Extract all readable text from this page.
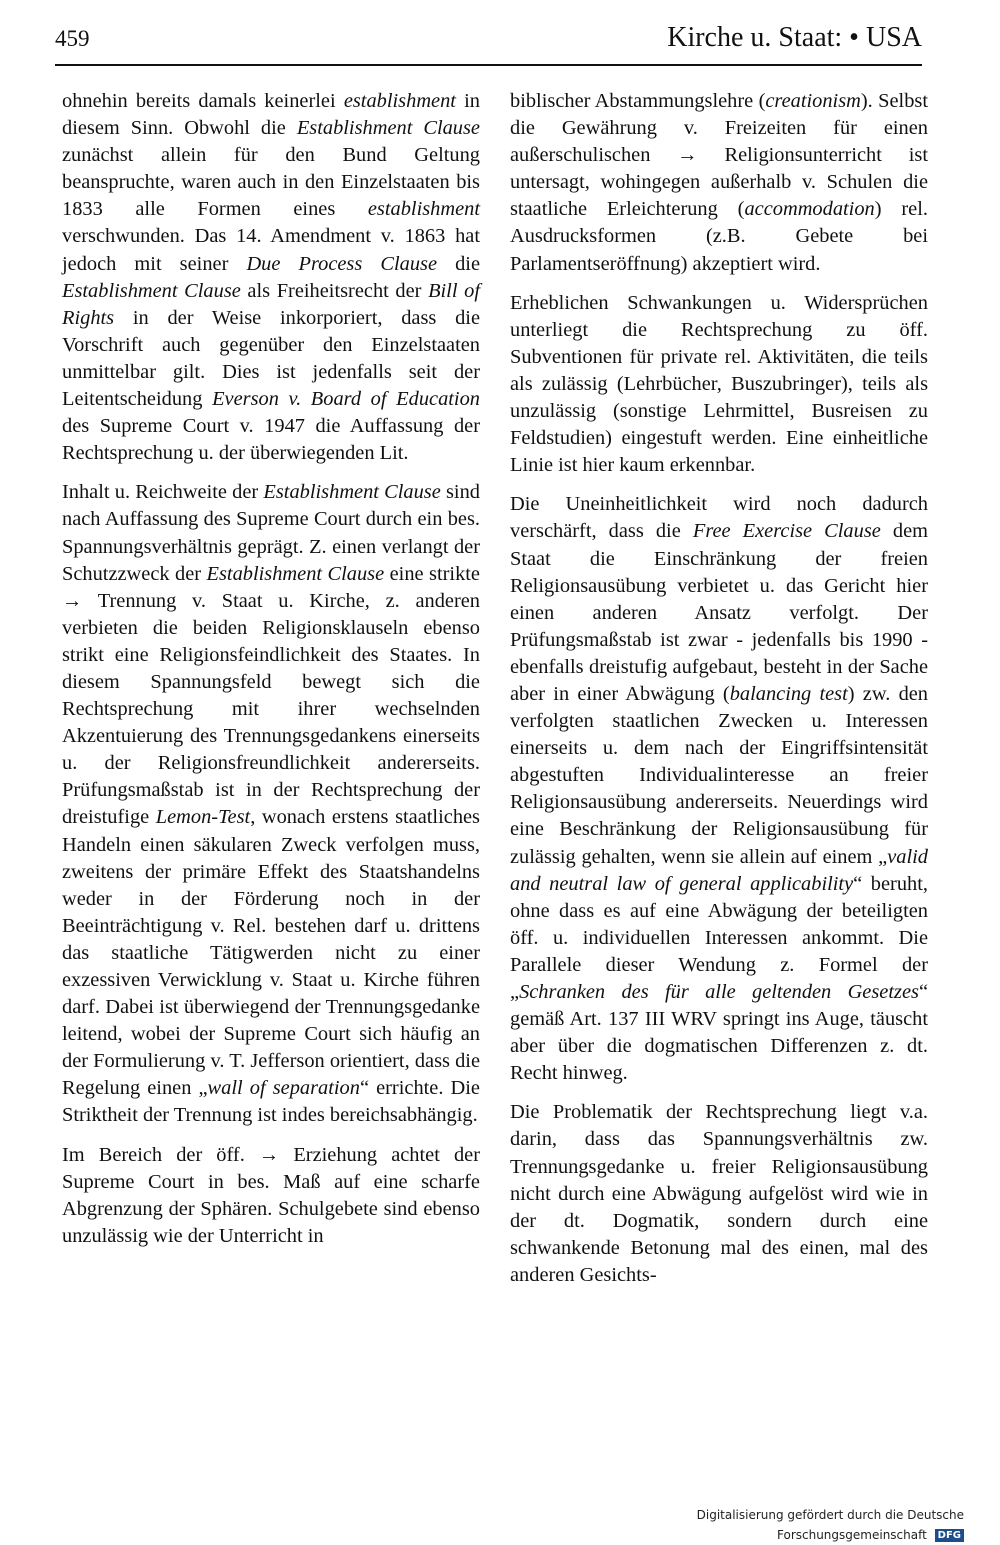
459	Kirche u. Staat: • USA

ohnehin bereits damals keinerlei establishment in diesem Sinn. Obwohl die Establishment Clause zunächst allein für den Bund Geltung beanspruchte, waren auch in den Einzelstaaten bis 1833 alle Formen eines establishment verschwunden. Das 14. Amendment v. 1863 hat jedoch mit seiner Due Process Clause die Establishment Clause als Freiheitsrecht der Bill of Rights in der Weise inkorporiert, dass die Vorschrift auch gegenüber den Einzelstaaten unmittelbar gilt. Dies ist jedenfalls seit der Leitentscheidung Everson v. Board of Education des Supreme Court v. 1947 die Auffassung der Rechtsprechung u. der überwiegenden Lit.

Inhalt u. Reichweite der Establishment Clause sind nach Auffassung des Supreme Court durch ein bes. Spannungsverhältnis geprägt. Z. einen verlangt der Schutzzweck der Establishment Clause eine strikte → Trennung v. Staat u. Kirche, z. anderen verbieten die beiden Religionsklauseln ebenso strikt eine Religionsfeindlichkeit des Staates. In diesem Spannungsfeld bewegt sich die Rechtsprechung mit ihrer wechselnden Akzentuierung des Trennungsgedankens einerseits u. der Religionsfreundlichkeit andererseits. Prüfungsmaßstab ist in der Rechtsprechung der dreistufige Lemon-Test, wonach erstens staatliches Handeln einen säkularen Zweck verfolgen muss, zweitens der primäre Effekt des Staatshandelns weder in der Förderung noch in der Beeinträchtigung v. Rel. bestehen darf u. drittens das staatliche Tätigwerden nicht zu einer exzessiven Verwicklung v. Staat u. Kirche führen darf. Dabei ist überwiegend der Trennungsgedanke leitend, wobei der Supreme Court sich häufig an der Formulierung v. T. Jefferson orientiert, dass die Regelung einen „wall of separation“ errichte. Die Striktheit der Trennung ist indes bereichsabhängig.

Im Bereich der öff. → Erziehung achtet der Supreme Court in bes. Maß auf eine scharfe Abgrenzung der Sphären. Schulgebete sind ebenso unzulässig wie der Unterricht in

biblischer Abstammungslehre (creationism). Selbst die Gewährung v. Freizeiten für einen außerschulischen → Religionsunterricht ist untersagt, wohingegen außerhalb v. Schulen die staatliche Erleichterung (accommodation) rel. Ausdrucksformen (z.B. Gebete bei Parlamentseröffnung) akzeptiert wird.

Erheblichen Schwankungen u. Widersprüchen unterliegt die Rechtsprechung zu öff. Subventionen für private rel. Aktivitäten, die teils als zulässig (Lehrbücher, Buszubringer), teils als unzulässig (sonstige Lehrmittel, Busreisen zu Feldstudien) eingestuft werden. Eine einheitliche Linie ist hier kaum erkennbar.

Die Uneinheitlichkeit wird noch dadurch verschärft, dass die Free Exercise Clause dem Staat die Einschränkung der freien Religionsausübung verbietet u. das Gericht hier einen anderen Ansatz verfolgt. Der Prüfungsmaßstab ist zwar - jedenfalls bis 1990 - ebenfalls dreistufig aufgebaut, besteht in der Sache aber in einer Abwägung (balancing test) zw. den verfolgten staatlichen Zwecken u. Interessen einerseits u. dem nach der Eingriffsintensität abgestuften Individualinteresse an freier Religionsausübung andererseits. Neuerdings wird eine Beschränkung der Religionsausübung für zulässig gehalten, wenn sie allein auf einem „valid and neutral law of general applicability“ beruht, ohne dass es auf eine Abwägung der beteiligten öff. u. individuellen Interessen ankommt. Die Parallele dieser Wendung z. Formel der „Schranken des für alle geltenden Gesetzes“ gemäß Art. 137 III WRV springt ins Auge, täuscht aber über die dogmatischen Differenzen z. dt. Recht hinweg.

Die Problematik der Rechtsprechung liegt v.a. darin, dass das Spannungsverhältnis zw. Trennungsgedanke u. freier Religionsausübung nicht durch eine Abwägung aufgelöst wird wie in der dt. Dogmatik, sondern durch eine schwankende Betonung mal des einen, mal des anderen Gesichts-

Digitalisierung gefördert durch die Deutsche Forschungsgemeinschaft DFG
